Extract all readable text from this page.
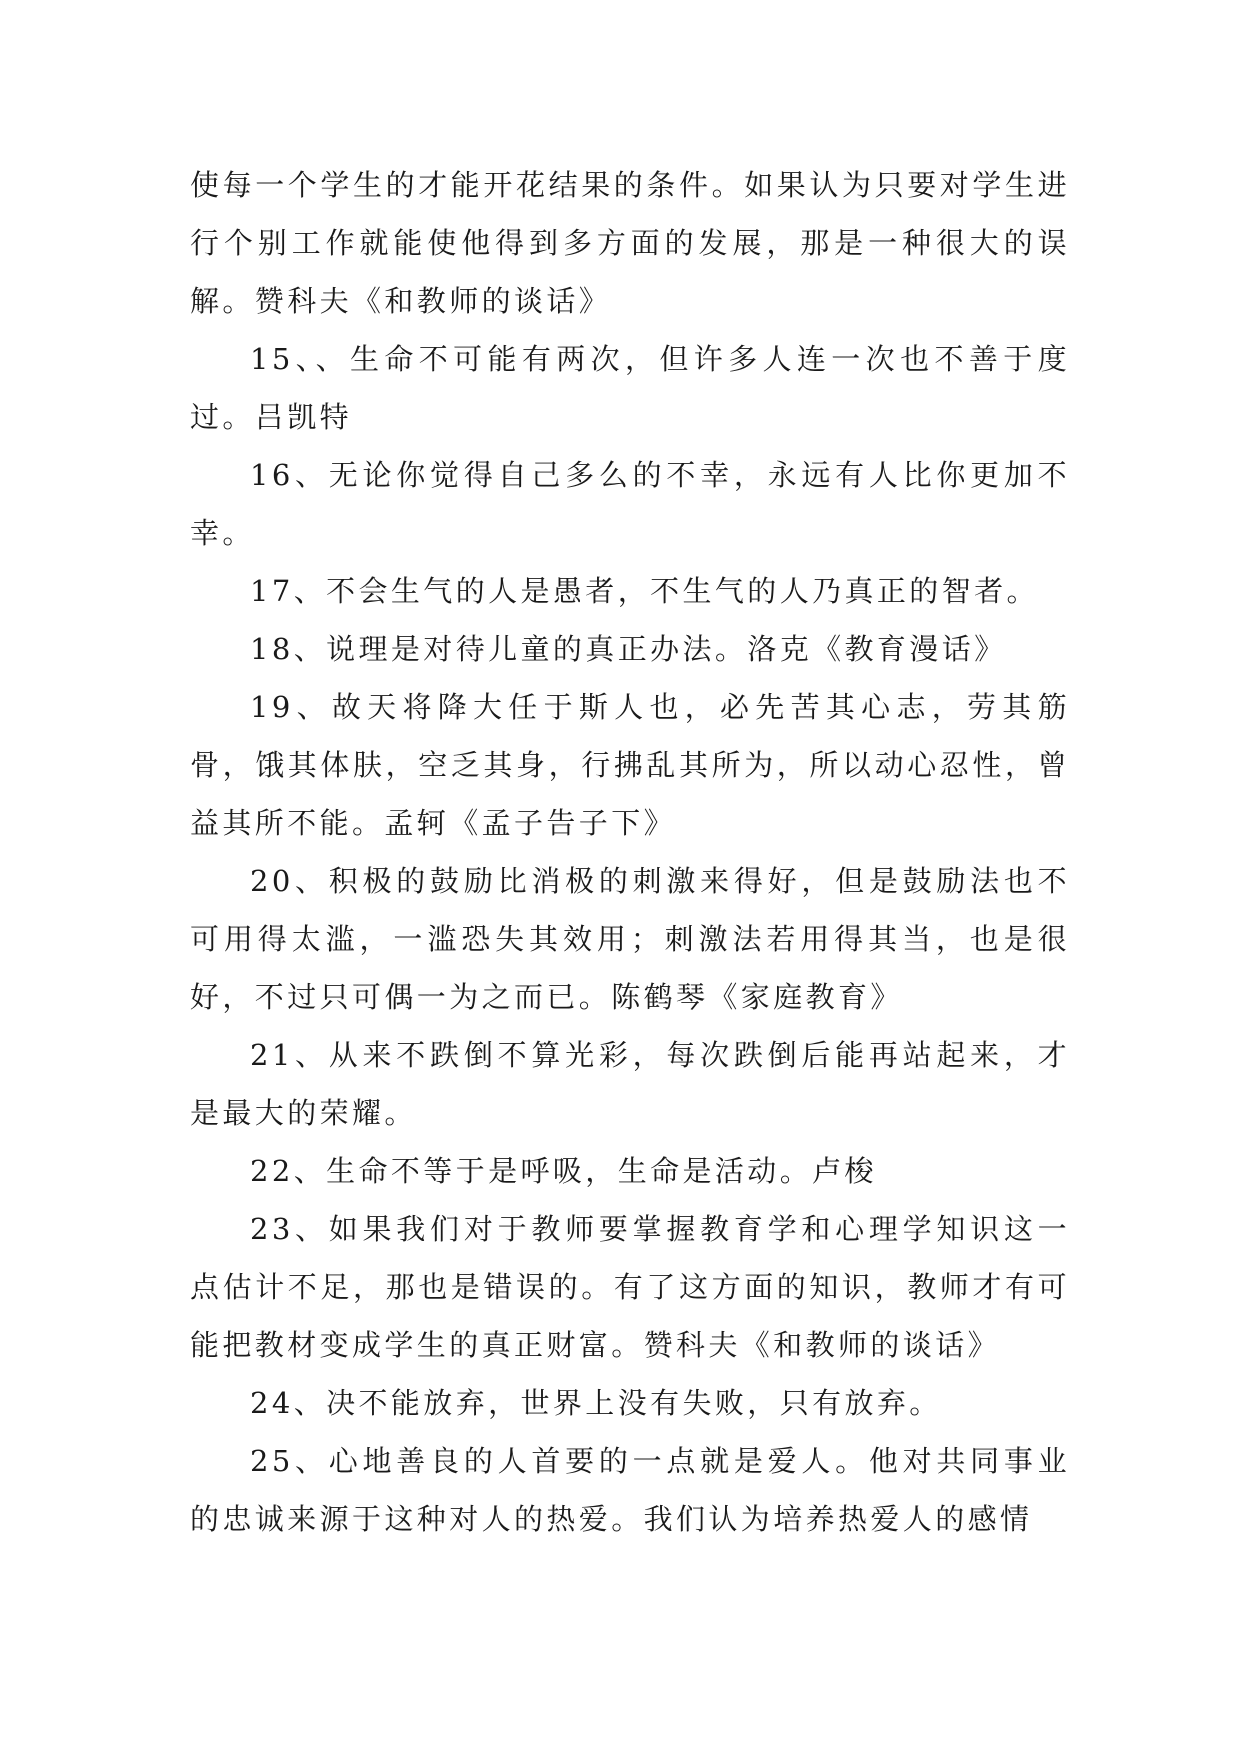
使每一个学生的才能开花结果的条件。如果认为只要对学生进行个别工作就能使他得到多方面的发展，那是一种很大的误解。赞科夫《和教师的谈话》

15、、生命不可能有两次，但许多人连一次也不善于度过。吕凯特

16、无论你觉得自己多么的不幸，永远有人比你更加不幸。

17、不会生气的人是愚者，不生气的人乃真正的智者。

18、说理是对待儿童的真正办法。洛克《教育漫话》

19、故天将降大任于斯人也，必先苦其心志，劳其筋骨，饿其体肤，空乏其身，行拂乱其所为，所以动心忍性，曾益其所不能。孟轲《孟子告子下》

20、积极的鼓励比消极的刺激来得好，但是鼓励法也不可用得太滥，一滥恐失其效用；刺激法若用得其当，也是很好，不过只可偶一为之而已。陈鹤琴《家庭教育》

21、从来不跌倒不算光彩，每次跌倒后能再站起来，才是最大的荣耀。

22、生命不等于是呼吸，生命是活动。卢梭

23、如果我们对于教师要掌握教育学和心理学知识这一点估计不足，那也是错误的。有了这方面的知识，教师才有可能把教材变成学生的真正财富。赞科夫《和教师的谈话》

24、决不能放弃，世界上没有失败，只有放弃。

25、心地善良的人首要的一点就是爱人。他对共同事业的忠诚来源于这种对人的热爱。我们认为培养热爱人的感情
